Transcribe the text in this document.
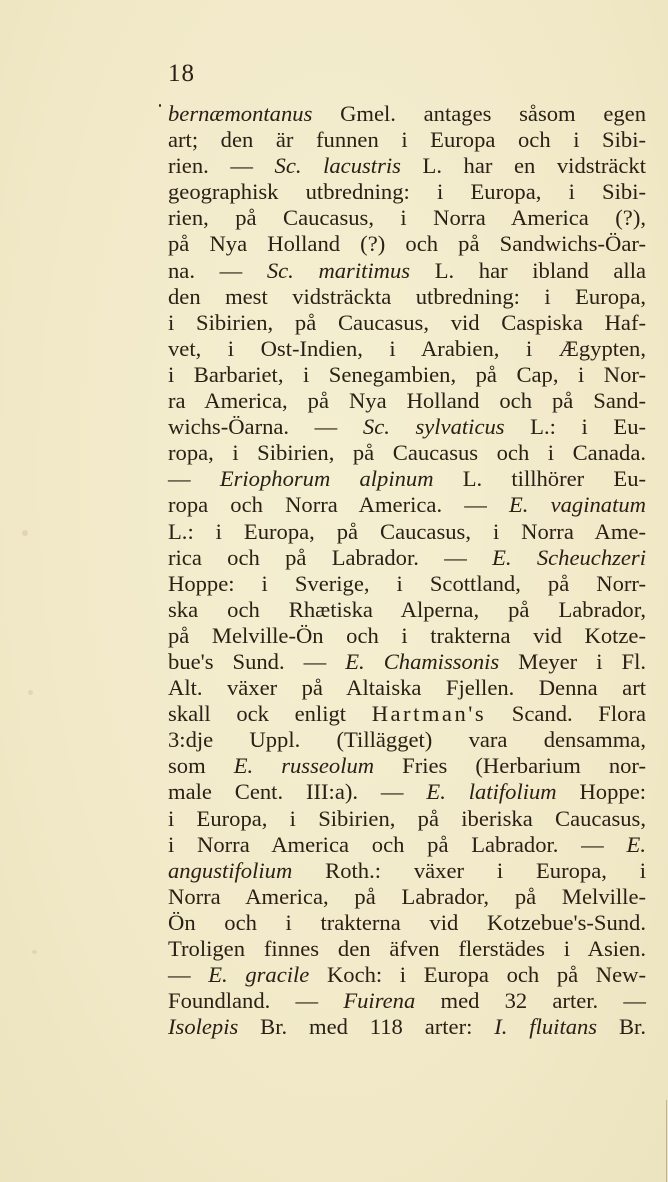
18
bernæmontanus Gmel. antages såsom egen
art; den är funnen i Europa och i Sibi-
rien. — Sc. lacustris L. har en vidsträckt
geographisk utbredning: i Europa, i Sibi-
rien, på Caucasus, i Norra America (?),
på Nya Holland (?) och på Sandwichs-Öar-
na. — Sc. maritimus L. har ibland alla
den mest vidsträckta utbredning: i Europa,
i Sibirien, på Caucasus, vid Caspiska Haf-
vet, i Ost-Indien, i Arabien, i Ægypten,
i Barbariet, i Senegambien, på Cap, i Nor-
ra America, på Nya Holland och på Sand-
wichs-Öarna. — Sc. sylvaticus L.: i Eu-
ropa, i Sibirien, på Caucasus och i Canada.
— Eriophorum alpinum L. tillhörer Eu-
ropa och Norra America. — E. vaginatum
L.: i Europa, på Caucasus, i Norra Ame-
rica och på Labrador. — E. Scheuchzeri
Hoppe: i Sverige, i Scottland, på Norr-
ska och Rhætiska Alperna, på Labrador,
på Melville-Ön och i trakterna vid Kotze-
bue's Sund. — E. Chamissonis Meyer i Fl.
Alt. växer på Altaiska Fjellen. Denna art
skall ock enligt Hartman's Scand. Flora
3:dje Uppl. (Tillägget) vara densamma,
som E. russeolum Fries (Herbarium nor-
male Cent. III:a). — E. latifolium Hoppe:
i Europa, i Sibirien, på iberiska Caucasus,
i Norra America och på Labrador. — E.
angustifolium Roth.: växer i Europa, i
Norra America, på Labrador, på Melville-
Ön och i trakterna vid Kotzebue's-Sund.
Troligen finnes den äfven flerstädes i Asien.
— E. gracile Koch: i Europa och på New-
Foundland. — Fuirena med 32 arter. —
Isolepis Br. med 118 arter: I. fluitans Br.
